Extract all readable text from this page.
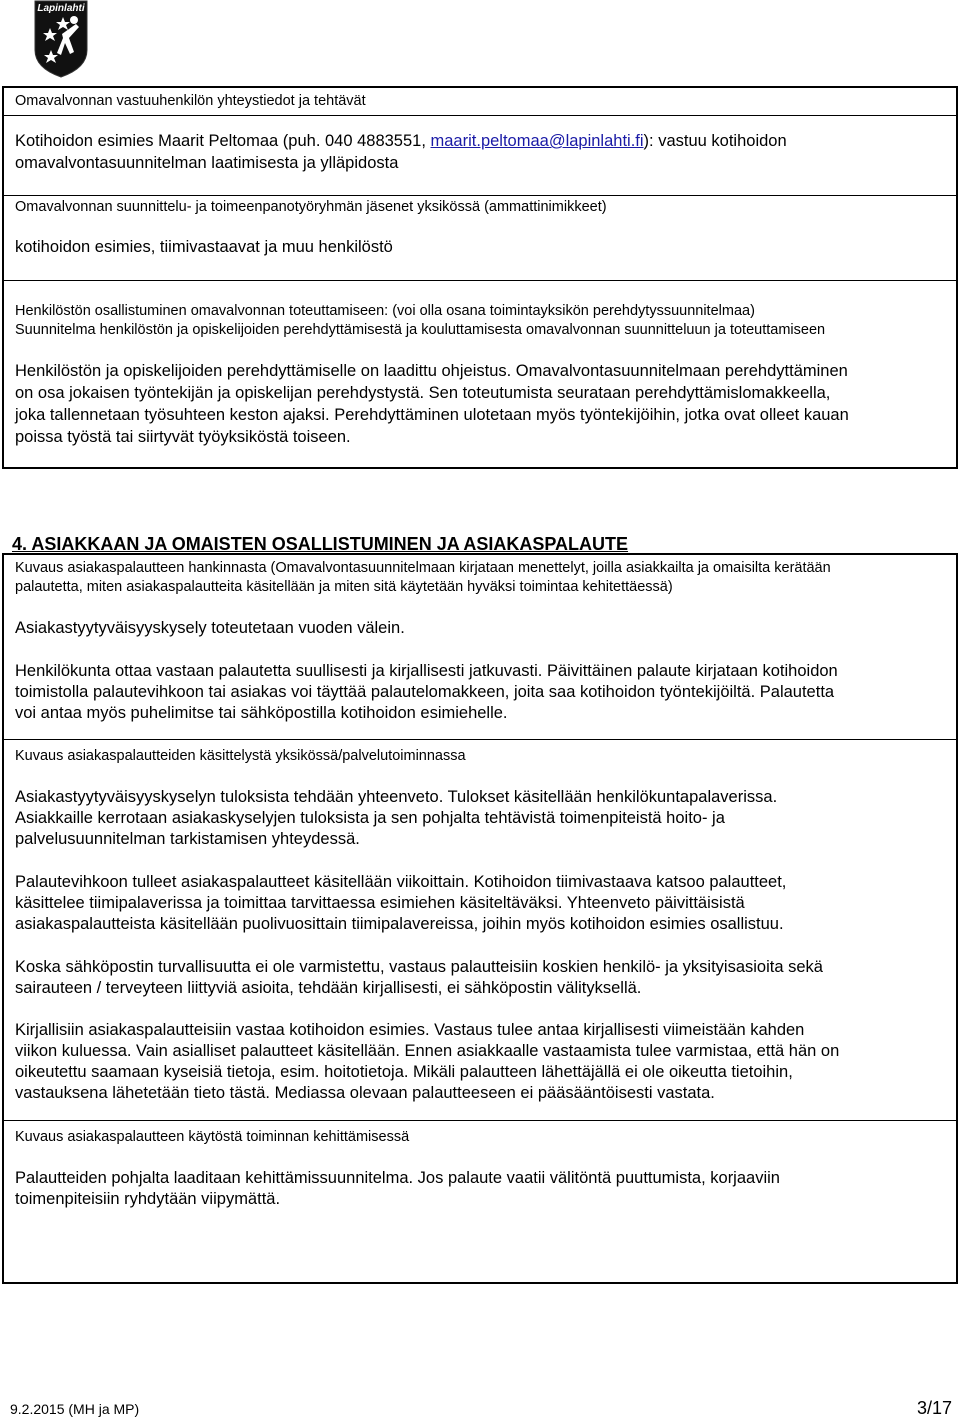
Lapinlahti

Omavalvonnan vastuuhenkilön yhteystiedot ja tehtävät

Kotihoidon esimies Maarit Peltomaa (puh. 040 4883551, maarit.peltomaa@lapinlahti.fi): vastuu kotihoidon

omavalvontasuunnitelman laatimisesta ja ylläpidosta

Omavalvonnan suunnittelu- ja toimeenpanotyöryhmän jäsenet yksikössä (ammattinimikkeet)

kotihoidon esimies, tiimivastaavat ja muu henkilöstö

Henkilöstön osallistuminen omavalvonnan toteuttamiseen: (voi olla osana toimintayksikön perehdytyssuunnitelmaa)

Suunnitelma henkilöstön ja opiskelijoiden perehdyttämisestä ja kouluttamisesta omavalvonnan suunnitteluun ja toteuttamiseen

Henkilöstön ja opiskelijoiden perehdyttämiselle on laadittu ohjeistus. Omavalvontasuunnitelmaan perehdyttäminen

on osa jokaisen työntekijän ja opiskelijan perehdystystä. Sen toteutumista seurataan perehdyttämislomakkeella,

joka tallennetaan työsuhteen keston ajaksi. Perehdyttäminen ulotetaan myös työntekijöihin, jotka ovat olleet kauan

poissa työstä tai siirtyvät työyksiköstä toiseen.

4. ASIAKKAAN JA OMAISTEN OSALLISTUMINEN JA ASIAKASPALAUTE

Kuvaus asiakaspalautteen hankinnasta (Omavalvontasuunnitelmaan kirjataan menettelyt, joilla asiakkailta ja omaisilta kerätään

palautetta, miten asiakaspalautteita käsitellään ja miten sitä käytetään hyväksi toimintaa kehitettäessä)

Asiakastyytyväisyyskysely toteutetaan vuoden välein.

Henkilökunta ottaa vastaan palautetta suullisesti ja kirjallisesti jatkuvasti. Päivittäinen palaute kirjataan kotihoidon

toimistolla palautevihkoon tai asiakas voi täyttää palautelomakkeen, joita saa kotihoidon työntekijöiltä. Palautetta

voi antaa myös puhelimitse tai sähköpostilla kotihoidon esimiehelle.

Kuvaus asiakaspalautteiden käsittelystä yksikössä/palvelutoiminnassa

Asiakastyytyväisyyskyselyn tuloksista tehdään yhteenveto. Tulokset käsitellään henkilökuntapalaverissa.

Asiakkaille kerrotaan asiakaskyselyjen tuloksista ja sen pohjalta tehtävistä toimenpiteistä hoito- ja

palvelusuunnitelman tarkistamisen yhteydessä.

Palautevihkoon tulleet asiakaspalautteet käsitellään viikoittain. Kotihoidon tiimivastaava katsoo palautteet,

käsittelee tiimipalaverissa ja toimittaa tarvittaessa esimiehen käsiteltäväksi. Yhteenveto päivittäisistä

asiakaspalautteista käsitellään puolivuosittain tiimipalavereissa, joihin myös kotihoidon esimies osallistuu.

Koska sähköpostin turvallisuutta ei ole varmistettu, vastaus palautteisiin koskien henkilö- ja yksityisasioita sekä

sairauteen / terveyteen liittyviä asioita, tehdään kirjallisesti, ei sähköpostin välityksellä.

Kirjallisiin asiakaspalautteisiin vastaa kotihoidon esimies. Vastaus tulee antaa kirjallisesti viimeistään kahden

viikon kuluessa. Vain asialliset palautteet käsitellään. Ennen asiakkaalle vastaamista tulee varmistaa, että hän on

oikeutettu saamaan kyseisiä tietoja, esim. hoitotietoja. Mikäli palautteen lähettäjällä ei ole oikeutta tietoihin,

vastauksena lähetetään tieto tästä. Mediassa olevaan palautteeseen ei pääsääntöisesti vastata.

Kuvaus asiakaspalautteen käytöstä toiminnan kehittämisessä

Palautteiden pohjalta laaditaan kehittämissuunnitelma. Jos palaute vaatii välitöntä puuttumista, korjaaviin

toimenpiteisiin ryhdytään viipymättä.

9.2.2015 (MH ja MP)	3/17
